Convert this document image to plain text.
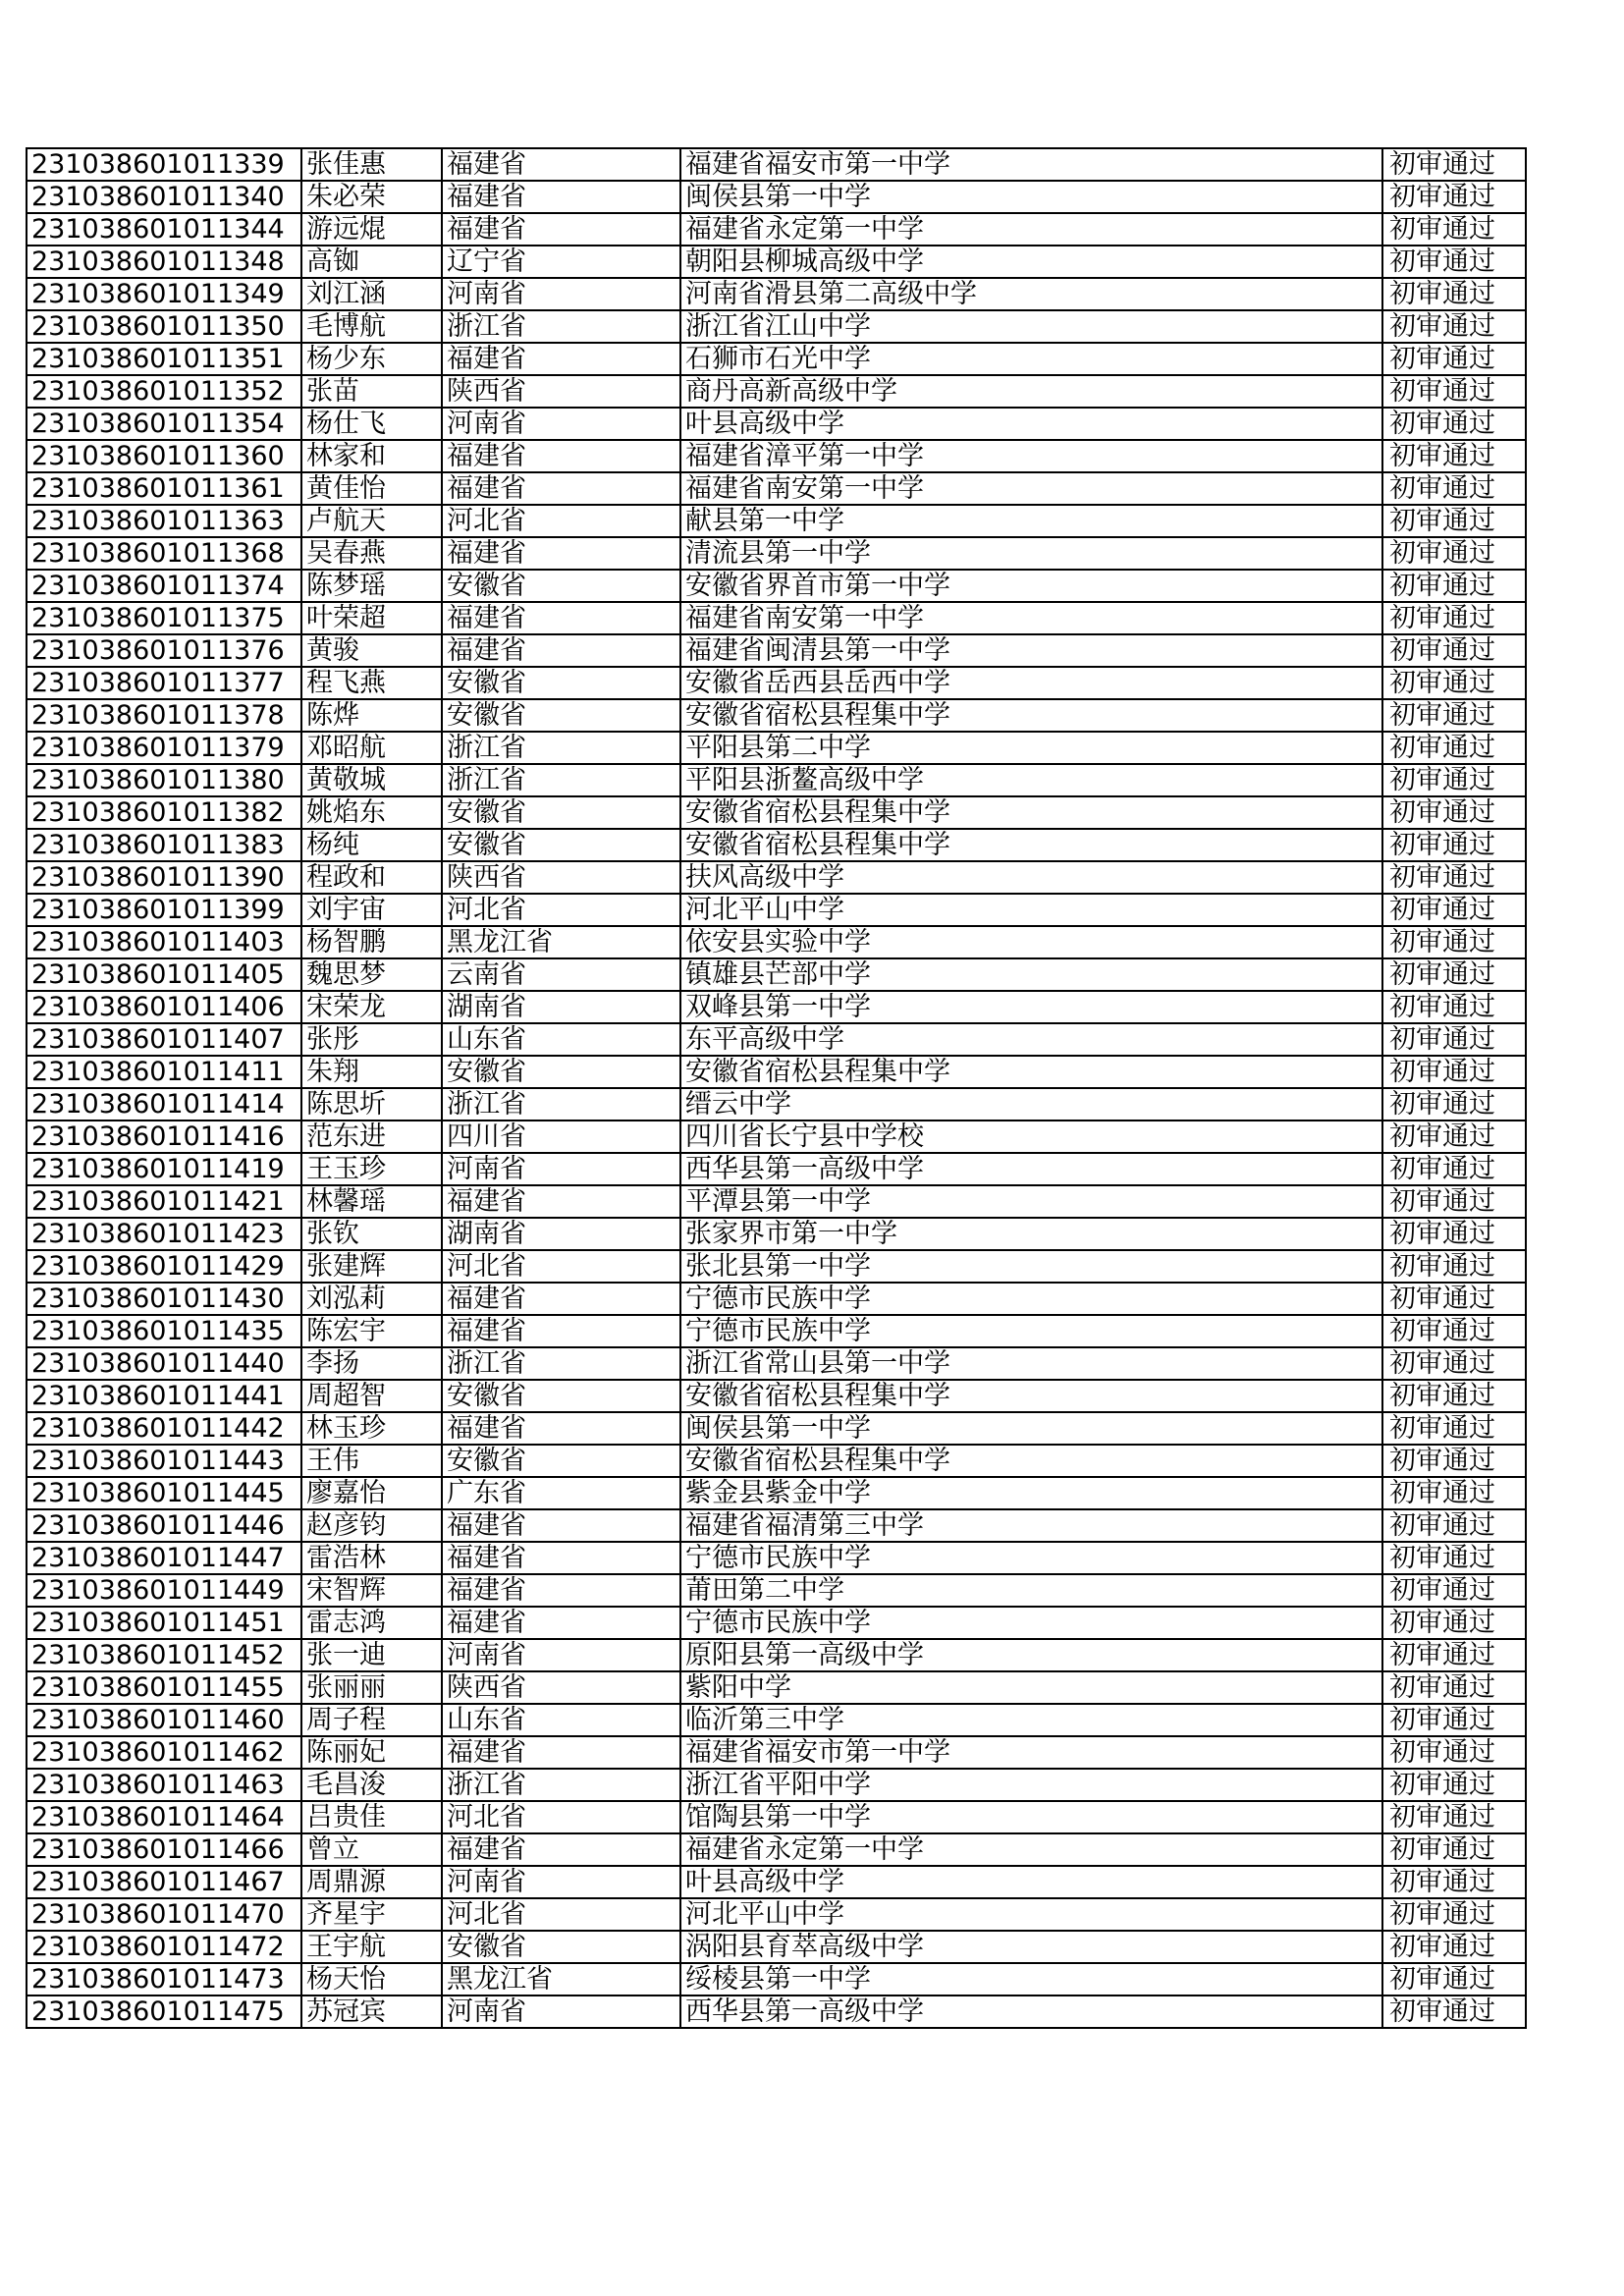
231038601011339	张佳惠	福建省	福建省福安市第一中学	初审通过
231038601011340	朱必荣	福建省	闽侯县第一中学	初审通过
231038601011344	游远焜	福建省	福建省永定第一中学	初审通过
231038601011348	高铷	辽宁省	朝阳县柳城高级中学	初审通过
231038601011349	刘江涵	河南省	河南省滑县第二高级中学	初审通过
231038601011350	毛博航	浙江省	浙江省江山中学	初审通过
231038601011351	杨少东	福建省	石狮市石光中学	初审通过
231038601011352	张苗	陕西省	商丹高新高级中学	初审通过
231038601011354	杨仕飞	河南省	叶县高级中学	初审通过
231038601011360	林家和	福建省	福建省漳平第一中学	初审通过
231038601011361	黄佳怡	福建省	福建省南安第一中学	初审通过
231038601011363	卢航天	河北省	献县第一中学	初审通过
231038601011368	吴春燕	福建省	清流县第一中学	初审通过
231038601011374	陈梦瑶	安徽省	安徽省界首市第一中学	初审通过
231038601011375	叶荣超	福建省	福建省南安第一中学	初审通过
231038601011376	黄骏	福建省	福建省闽清县第一中学	初审通过
231038601011377	程飞燕	安徽省	安徽省岳西县岳西中学	初审通过
231038601011378	陈烨	安徽省	安徽省宿松县程集中学	初审通过
231038601011379	邓昭航	浙江省	平阳县第二中学	初审通过
231038601011380	黄敬城	浙江省	平阳县浙鳌高级中学	初审通过
231038601011382	姚焰东	安徽省	安徽省宿松县程集中学	初审通过
231038601011383	杨纯	安徽省	安徽省宿松县程集中学	初审通过
231038601011390	程政和	陕西省	扶风高级中学	初审通过
231038601011399	刘宇宙	河北省	河北平山中学	初审通过
231038601011403	杨智鹏	黑龙江省	依安县实验中学	初审通过
231038601011405	魏思梦	云南省	镇雄县芒部中学	初审通过
231038601011406	宋荣龙	湖南省	双峰县第一中学	初审通过
231038601011407	张彤	山东省	东平高级中学	初审通过
231038601011411	朱翔	安徽省	安徽省宿松县程集中学	初审通过
231038601011414	陈思圻	浙江省	缙云中学	初审通过
231038601011416	范东进	四川省	四川省长宁县中学校	初审通过
231038601011419	王玉珍	河南省	西华县第一高级中学	初审通过
231038601011421	林馨瑶	福建省	平潭县第一中学	初审通过
231038601011423	张钦	湖南省	张家界市第一中学	初审通过
231038601011429	张建辉	河北省	张北县第一中学	初审通过
231038601011430	刘泓莉	福建省	宁德市民族中学	初审通过
231038601011435	陈宏宇	福建省	宁德市民族中学	初审通过
231038601011440	李扬	浙江省	浙江省常山县第一中学	初审通过
231038601011441	周超智	安徽省	安徽省宿松县程集中学	初审通过
231038601011442	林玉珍	福建省	闽侯县第一中学	初审通过
231038601011443	王伟	安徽省	安徽省宿松县程集中学	初审通过
231038601011445	廖嘉怡	广东省	紫金县紫金中学	初审通过
231038601011446	赵彦钧	福建省	福建省福清第三中学	初审通过
231038601011447	雷浩林	福建省	宁德市民族中学	初审通过
231038601011449	宋智辉	福建省	莆田第二中学	初审通过
231038601011451	雷志鸿	福建省	宁德市民族中学	初审通过
231038601011452	张一迪	河南省	原阳县第一高级中学	初审通过
231038601011455	张丽丽	陕西省	紫阳中学	初审通过
231038601011460	周子程	山东省	临沂第三中学	初审通过
231038601011462	陈丽妃	福建省	福建省福安市第一中学	初审通过
231038601011463	毛昌浚	浙江省	浙江省平阳中学	初审通过
231038601011464	吕贵佳	河北省	馆陶县第一中学	初审通过
231038601011466	曾立	福建省	福建省永定第一中学	初审通过
231038601011467	周鼎源	河南省	叶县高级中学	初审通过
231038601011470	齐星宇	河北省	河北平山中学	初审通过
231038601011472	王宇航	安徽省	涡阳县育萃高级中学	初审通过
231038601011473	杨天怡	黑龙江省	绥棱县第一中学	初审通过
231038601011475	苏冠宾	河南省	西华县第一高级中学	初审通过
